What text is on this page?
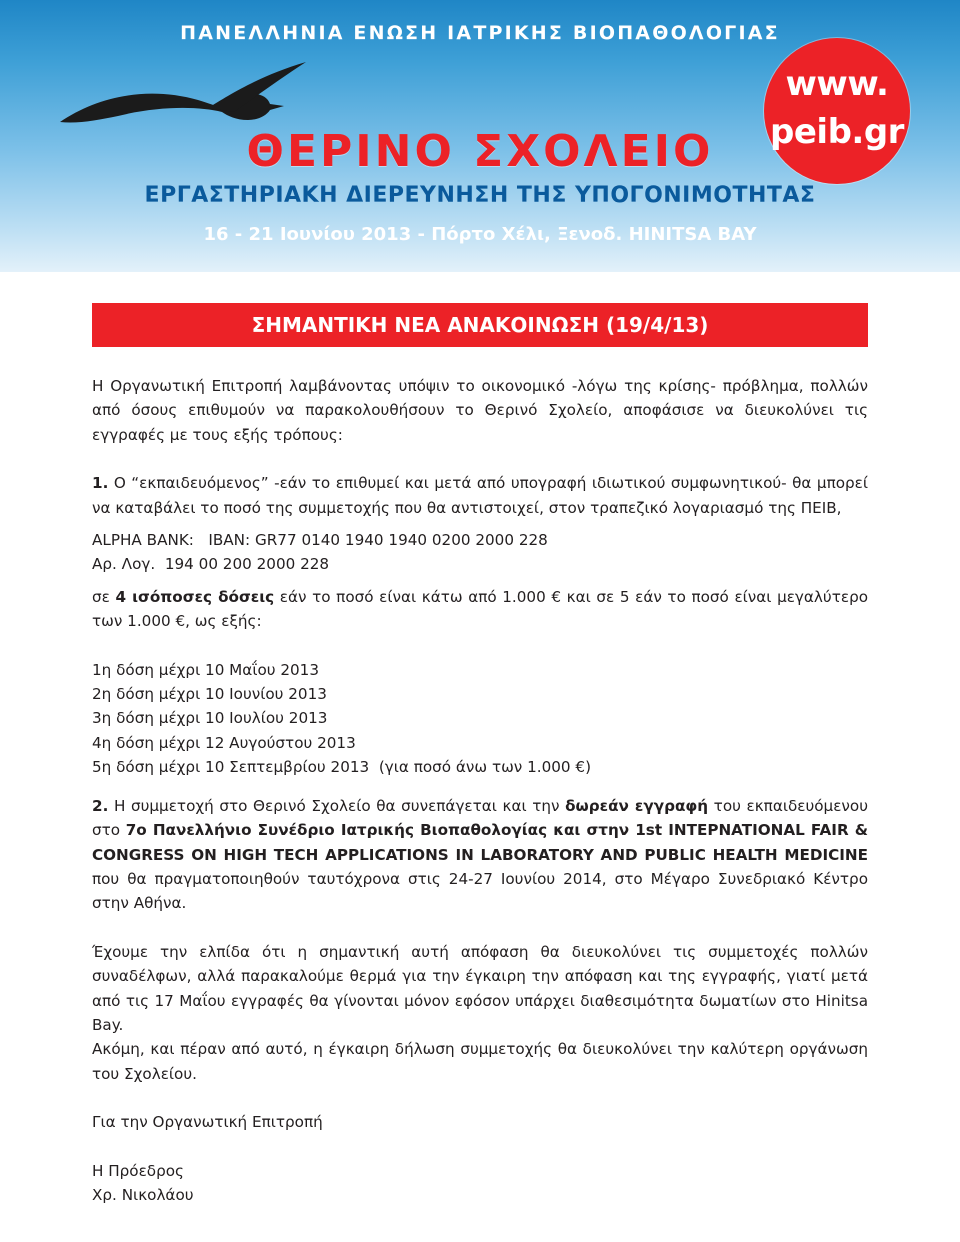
ΠΑΝΕΛΛΗΝΙΑ ΕΝΩΣΗ ΙΑΤΡΙΚΗΣ ΒΙΟΠΑΘΟΛΟΓΙΑΣ
www.
peib.gr
ΘΕΡΙΝΟ ΣΧΟΛΕΙΟ
ΕΡΓΑΣΤΗΡΙΑΚΗ ΔΙΕΡΕΥΝΗΣΗ ΤΗΣ ΥΠΟΓΟΝΙΜΟΤΗΤΑΣ
16 - 21 Ιουνίου 2013 - Πόρτο Χέλι, Ξενοδ. HINITSA BAY
ΣΗΜΑΝΤΙΚΗ ΝΕΑ ΑΝΑΚΟΙΝΩΣΗ (19/4/13)

Η Οργανωτική Επιτροπή λαμβάνοντας υπόψιν το οικονομικό -λόγω της κρίσης- πρόβλημα, πολλών από όσους επιθυμούν να παρακολουθήσουν το Θερινό Σχολείο, αποφάσισε να διευκολύνει τις εγγραφές με τους εξής τρόπους:

1. Ο “εκπαιδευόμενος” -εάν το επιθυμεί και μετά από υπογραφή ιδιωτικού συμφωνητικού- θα μπορεί να καταβάλει το ποσό της συμμετοχής που θα αντιστοιχεί, στον τραπεζικό λογαριασμό της ΠΕΙΒ,

ALPHA BANK:   IBAN: GR77 0140 1940 1940 0200 2000 228

Αρ. Λογ.  194 00 200 2000 228

σε 4 ισόποσες δόσεις εάν το ποσό είναι κάτω από 1.000 € και σε 5 εάν το ποσό είναι μεγαλύτερο των 1.000 €, ως εξής:

1η δόση μέχρι 10 Μαΐου 2013
2η δόση μέχρι 10 Ιουνίου 2013
3η δόση μέχρι 10 Ιουλίου 2013
4η δόση μέχρι 12 Αυγούστου 2013
5η δόση μέχρι 10 Σεπτεμβρίου 2013  (για ποσό άνω των 1.000 €)

2. Η συμμετοχή στο Θερινό Σχολείο θα συνεπάγεται και την δωρεάν εγγραφή του εκπαιδευόμενου στο 7ο Πανελλήνιο Συνέδριο Ιατρικής Βιοπαθολογίας και στην 1st INTEPNATIONAL FAIR & CONGRESS ON HIGH TECH APPLICATIONS IN LABORATORY AND PUBLIC HEALTH MEDICINE που θα πραγματοποιηθούν ταυτόχρονα στις 24-27 Ιουνίου 2014, στο Μέγαρο Συνεδριακό Κέντρο στην Αθήνα.

Έχουμε την ελπίδα ότι η σημαντική αυτή απόφαση θα διευκολύνει τις συμμετοχές πολλών συναδέλφων, αλλά παρακαλούμε θερμά για την έγκαιρη την απόφαση και της εγγραφής, γιατί μετά από τις 17 Μαΐου εγγραφές θα γίνονται μόνον εφόσον υπάρχει διαθεσιμότητα δωματίων στο Hinitsa Bay.

Ακόμη, και πέραν από αυτό, η έγκαιρη δήλωση συμμετοχής θα διευκολύνει την καλύτερη οργάνωση του Σχολείου.

Για την Οργανωτική Επιτροπή

Η Πρόεδρος

Χρ. Νικολάου
